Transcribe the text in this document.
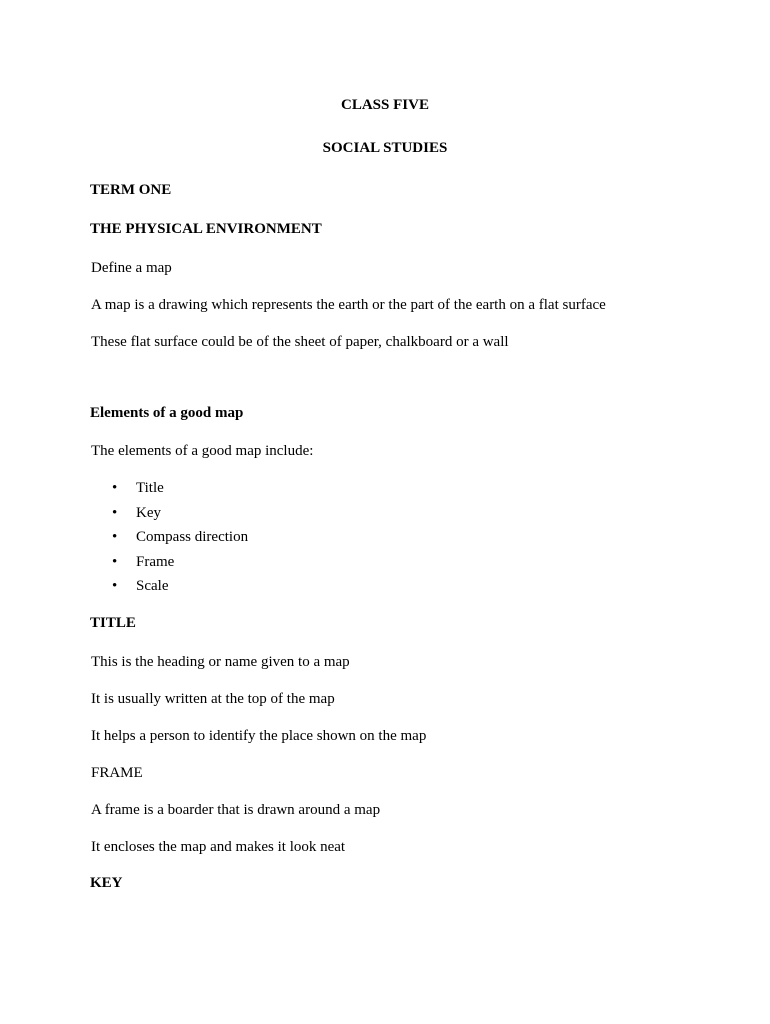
CLASS FIVE

SOCIAL STUDIES

TERM ONE

THE PHYSICAL ENVIRONMENT

Define a map

A map is a drawing which represents the earth or the part of the earth on a flat surface

These flat surface could be of the sheet of paper, chalkboard or a wall

Elements of a good map

The elements of a good map include:

• Title
• Key
• Compass direction
• Frame
• Scale

TITLE

This is the heading or name given to a map

It is usually written at the top of the map

It helps a person to identify the place shown on the map

FRAME

A frame is a boarder that is drawn around a map

It encloses the map and makes it look neat

KEY
